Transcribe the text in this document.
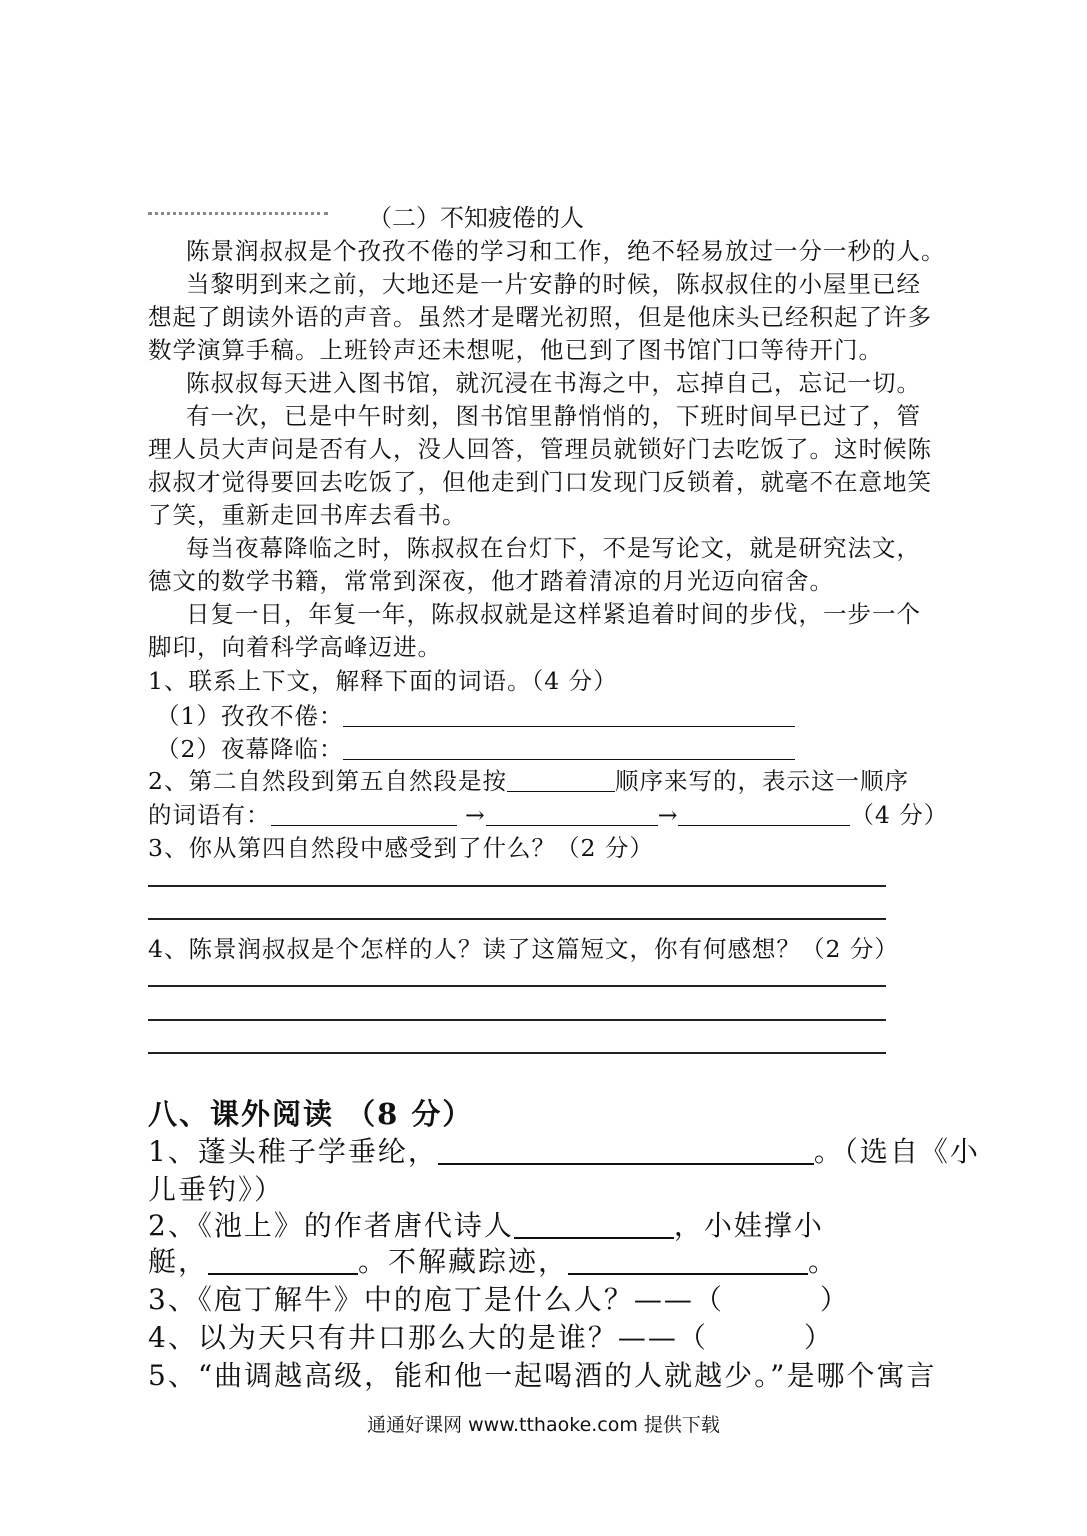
（二）不知疲倦的人
陈景润叔叔是个孜孜不倦的学习和工作，绝不轻易放过一分一秒的人。
当黎明到来之前，大地还是一片安静的时候，陈叔叔住的小屋里已经
想起了朗读外语的声音。虽然才是曙光初照，但是他床头已经积起了许多
数学演算手稿。上班铃声还未想呢，他已到了图书馆门口等待开门。
陈叔叔每天进入图书馆，就沉浸在书海之中，忘掉自己，忘记一切。
有一次，已是中午时刻，图书馆里静悄悄的，下班时间早已过了，管
理人员大声问是否有人，没人回答，管理员就锁好门去吃饭了。这时候陈
叔叔才觉得要回去吃饭了，但他走到门口发现门反锁着，就毫不在意地笑
了笑，重新走回书库去看书。
每当夜幕降临之时，陈叔叔在台灯下，不是写论文，就是研究法文，
德文的数学书籍，常常到深夜，他才踏着清凉的月光迈向宿舍。
日复一日，年复一年，陈叔叔就是这样紧追着时间的步伐，一步一个
脚印，向着科学高峰迈进。
1、联系上下文，解释下面的词语。（4 分）
（1）孜孜不倦：
（2）夜幕降临：
2、第二自然段到第五自然段是按	顺序来写的，表示这一顺序
的词语有：	→	→	（4 分）
3、你从第四自然段中感受到了什么？（2 分）
4、陈景润叔叔是个怎样的人？读了这篇短文，你有何感想？（2 分）
八、课外阅读 （8 分）
1、蓬头稚子学垂纶，	。（选自《小
儿垂钓》）
2、《池上》的作者唐代诗人	，小娃撑小
艇，	。不解藏踪迹，	。
3、《庖丁解牛》中的庖丁是什么人？——（	）
4、以为天只有井口那么大的是谁？——（	）
5、“曲调越高级，能和他一起喝酒的人就越少。”是哪个寓言
通通好课网 www.tthaoke.com 提供下载
